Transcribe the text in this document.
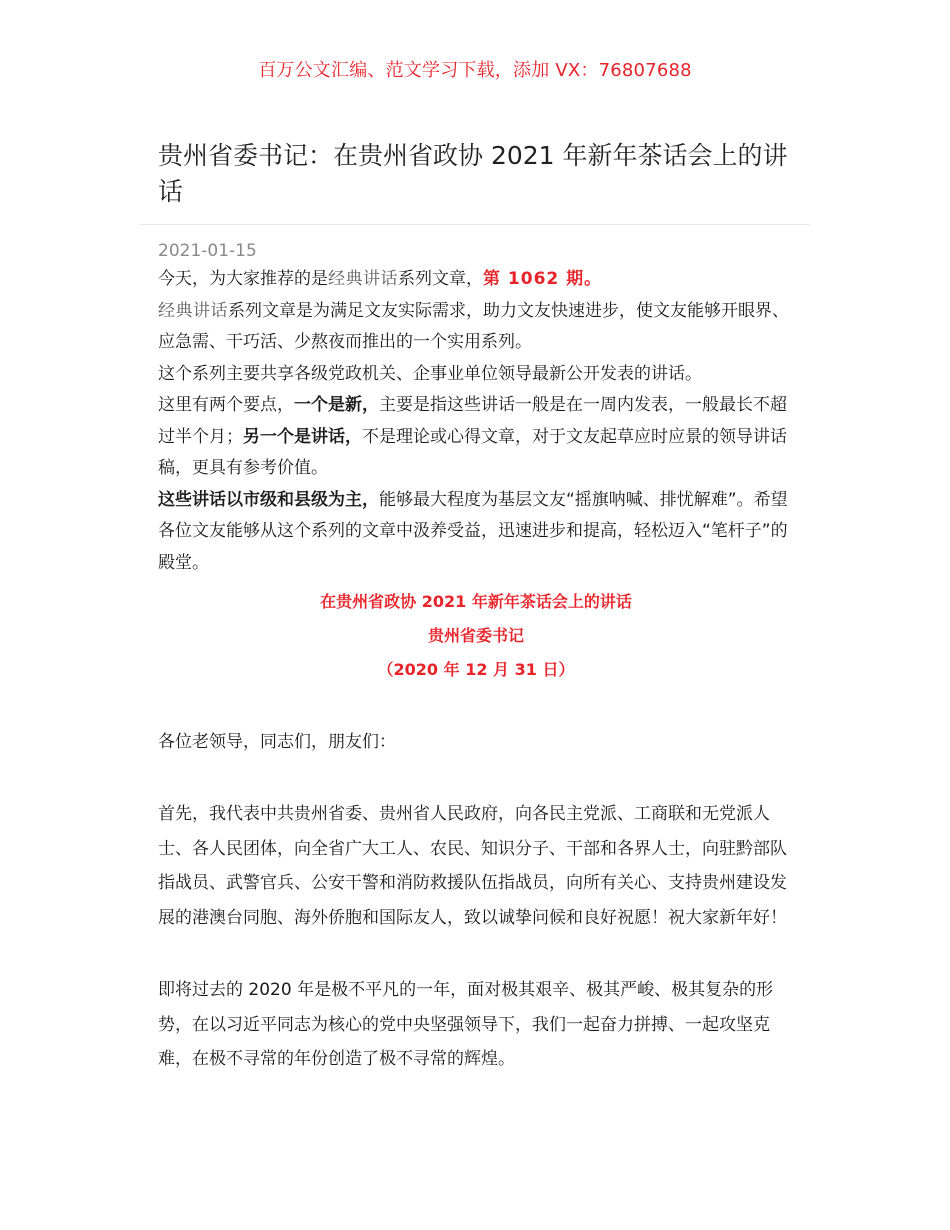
百万公文汇编、范文学习下载，添加 VX：76807688
贵州省委书记：在贵州省政协 2021 年新年茶话会上的讲话
2021-01-15

今天，为大家推荐的是经典讲话系列文章，第 1062 期。

经典讲话系列文章是为满足文友实际需求，助力文友快速进步，使文友能够开眼界、应急需、干巧活、少熬夜而推出的一个实用系列。

这个系列主要共享各级党政机关、企事业单位领导最新公开发表的讲话。

这里有两个要点，一个是新，主要是指这些讲话一般是在一周内发表，一般最长不超过半个月；另一个是讲话，不是理论或心得文章，对于文友起草应时应景的领导讲话稿，更具有参考价值。

这些讲话以市级和县级为主，能够最大程度为基层文友“摇旗呐喊、排忧解难”。希望各位文友能够从这个系列的文章中汲养受益，迅速进步和提高，轻松迈入“笔杆子”的殿堂。

在贵州省政协 2021 年新年茶话会上的讲话

贵州省委书记

（2020 年 12 月 31 日）

各位老领导，同志们，朋友们：

首先，我代表中共贵州省委、贵州省人民政府，向各民主党派、工商联和无党派人士、各人民团体，向全省广大工人、农民、知识分子、干部和各界人士，向驻黔部队指战员、武警官兵、公安干警和消防救援队伍指战员，向所有关心、支持贵州建设发展的港澳台同胞、海外侨胞和国际友人，致以诚挚问候和良好祝愿！祝大家新年好！

即将过去的 2020 年是极不平凡的一年，面对极其艰辛、极其严峻、极其复杂的形势，在以习近平同志为核心的党中央坚强领导下，我们一起奋力拼搏、一起攻坚克难，在极不寻常的年份创造了极不寻常的辉煌。
